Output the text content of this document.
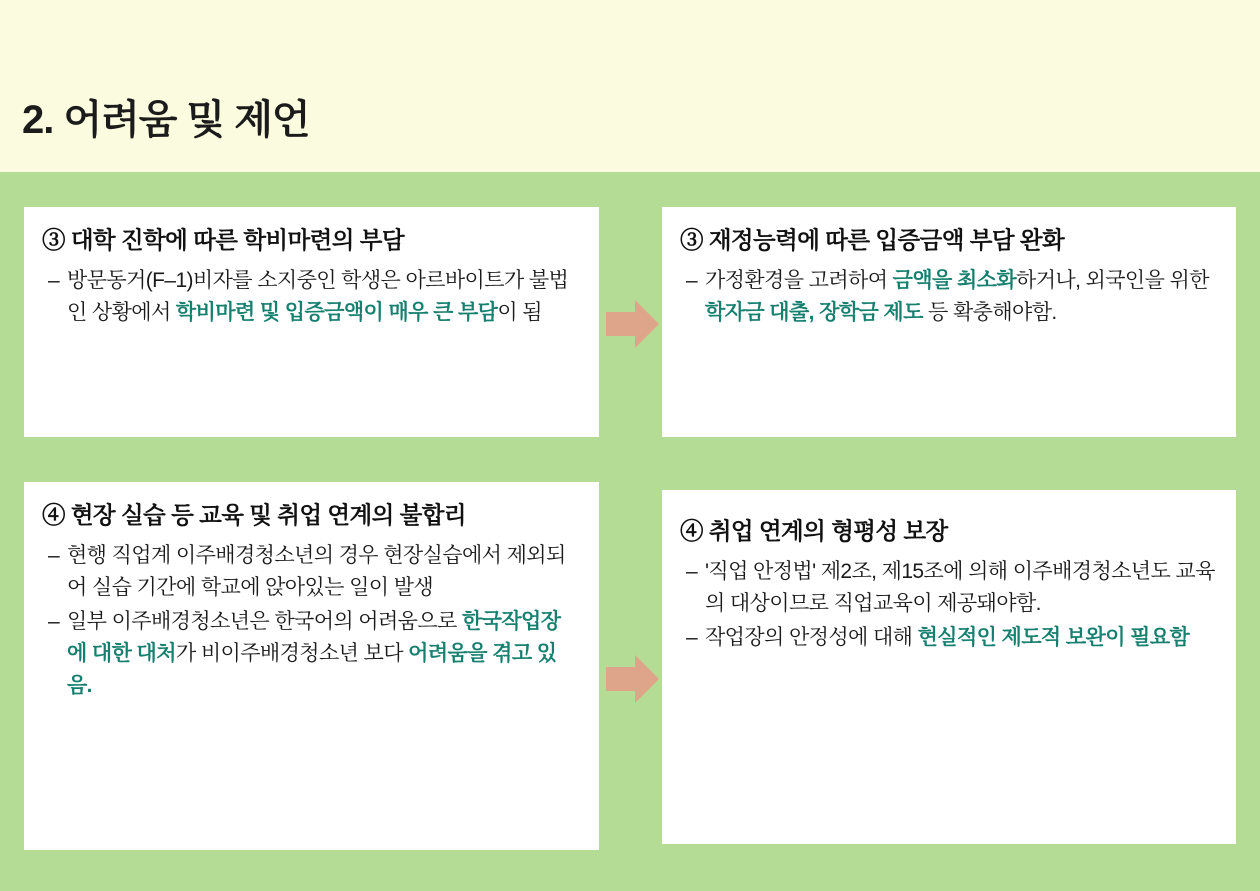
2. 어려움 및 제언
③ 대학 진학에 따른 학비마련의 부담
– 방문동거(F–1)비자를 소지중인 학생은 아르바이트가 불법인 상황에서 학비마련 및 입증금액이 매우 큰 부담이 됨
③ 재정능력에 따른 입증금액 부담 완화
– 가정환경을 고려하여 금액을 최소화하거나, 외국인을 위한 학자금 대출, 장학금 제도 등 확충해야함.
④ 현장 실습 등 교육 및 취업 연계의 불합리
– 현행 직업계 이주배경청소년의 경우 현장실습에서 제외되어 실습 기간에 학교에 앉아있는 일이 발생
– 일부 이주배경청소년은 한국어의 어려움으로 한국작업장에 대한 대처가 비이주배경청소년 보다 어려움을 겪고 있음.
④ 취업 연계의 형평성 보장
– '직업 안정법' 제2조, 제15조에 의해 이주배경청소년도 교육의 대상이므로 직업교육이 제공돼야함.
– 작업장의 안정성에 대해 현실적인 제도적 보완이 필요함
